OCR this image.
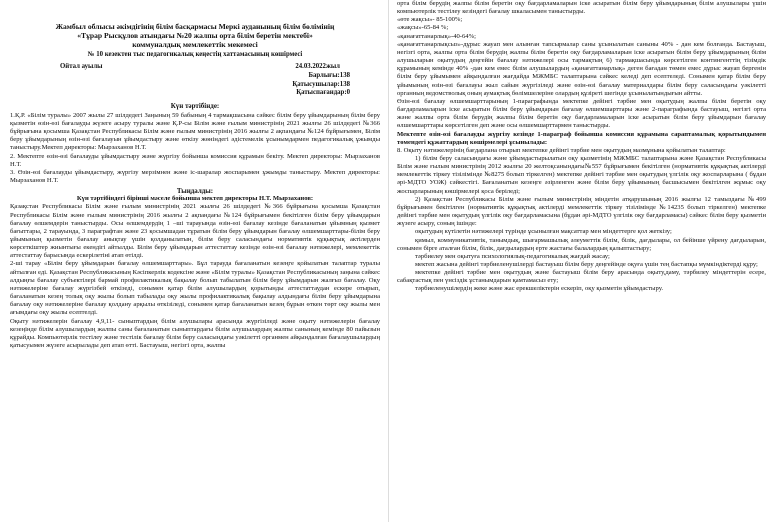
Жамбыл облысы әкімдігінің білім басқармасы Меркі ауданының білім бөлімінің

«Тұрар Рысқұлов атындағы №20 жалпы орта білім беретін мектебі»

коммуналдық мемлекеттік мекемесі

№ 10 кезектен тыс педагогикалық кеңестің хаттамасының көшірмесі

Ойтал ауылы	24.03.2022жыл
Барлығы:138
Қатысушылар:138
Қатыспағандар:0

Күн тәртібінде:

1.Қ.Р. «Білім туралы» 2007 жылы 27 шілдедегі Заңының 59 бабының 4 тармақшасына сәйкес білім беру ұйымдарының білім беру қызметін өзін-өзі бағалауды жүзеге асыру туралы және Қ.Р-сы Білім және ғылым министрінің 2021 жылғы 26 шілдедегі №366 бұйрығына қосымша Қазақстан Республикасы Білім және ғылым министрінің 2016 жылғы 2 ақпандағы №124 бұйрығымен, Білім беру ұйымдарының өзін-өзі бағалауын ұйымдастыру және өткізу жөніндегі әдістемелік ұсынымдармен педагогикалық ұжымды таныстыру.Мектеп директоры: Мырзаханов Н.Т.

2. Мектепте өзін-өзі бағалауды ұйымдастыру және жүргізу бойынша комиссия құрамын бекіту. Мектеп директоры: Мырзаханов Н.Т.

3. Өзін-өзі бағалауды ұйымдастыру, жүргізу мерзімнен және іс-шаралар жоспарымен ұжымды таныстыру. Мектеп директоры: Мырзаханов Н.Т.

Тыңдалды:

Күн тәртібіндегі бірінші мәселе бойынша мектеп директоры Н.Т. Мырзаханов:

Қазақстан Республикасы Білім және ғылым министрінің 2021 жылғы 26 шілдедегі №366 бұйрығына қосымша Қазақстан Республикасы Білім және ғылым министрінің 2016 жылғы 2 ақпандағы №124 бұйрығымен бекітілген білім беру ұйымдарын бағалау өлшемдерін таныстырды. Осы өлшемдердің 1 –ші тарауында өзін-өзі бағалау кезінде бағаланатын ұйымның қызмет бағыттары, 2 тарауында, 3 параграфтан және 23 қосымшадан тұратын білім беру ұйымдарын бағалау өлшемшарттары-білім беру ұйымының қызметін бағалау анықтау үшін қолданылатын, білім беру саласындағы нормативтік құқықтық актілерден көрсеткіштер жиынтығы екендігі айтылды. Білім беру ұйымдарын аттестаттау кезінде өзін-өзі бағалау нәтижелері, мемлекеттік аттестаттау барысында ескерілетіні атап өтілді.

2-ші тарау «Білім беру ұйымдарын бағалау өлшемшарттары». Бұл тарауда бағаланатын кезеңге қойылатын талаптар туралы айтылған еді. Қазақстан Республикасының Кәсіпкерлік кодексіне және «Білім туралы» Қазақстан Республикасының заңына сәйкес алдыңғы бағалау субъектілері бармай профилактикалық бақылау болып табылатын білім беру ұйымдарын жалғыз бағалау. Оқу нәтижелеріне бағалау жүргізбей өткізеді, сонымен қатар білім алушылардың қорытынды аттестаттаудан ескере отырып, бағаланатын кезең толық оқу жылы болып табылады оқу жылы профилактикалық бақылау алдындағы білім беру ұйымдарына бағалау оқу нәтижелеріне бағалау қолдану арқылы өткізіледі, сонымен қатар бағаланатын кезең бұрын өткен төрт оқу жылы мен ағымдағы оқу жылы есептелді.

Оқыту нәтижелерін бағалау 4,9,11- сыныптардың білім алушылары арасында жүргізіледі және оқыту нәтижелерін бағалау кезеңінде білім алушылардың жалпы саны бағаланатын сыныптардағы білім алушылардың жалпы санының кемінде 80 пайызын құрайды. Компьютерлік тестілеу және тестілік бағалау білім беру саласындағы уәкілетті органмен айқындалған бағалаушылардың қатысуымен жүзеге асырылады деп атап өтті. Бастауыш, негізгі орта, жалпы

орта білім берудің жалпы білім беретін оқу бағдарламаларын іске асыратын білім беру ұйымдарының білім алушылары үшін компьютерлік тестілеу кезіндегі бағалау шкаласымен таныстырды.

«өте жақсы»- 85-100%;

«жақсы»-65-84 %;

«қанағаттанарлық»-40-64%;

«қанағаттанарлықсыз»-дұрыс жауап мен алынған тапсырмалар саны ұсынылатын саныны 40% - дан кем болғанда. Бастауыш, негізгі орта, жалпы орта білім берудің жалпы білім беретін оқу бағдарламаларын іске асыратын білім беру ұйымдарының білім алушыларын оқытудың деңгейін бағалау нәтижелері осы тармақтың 6) тармақшасында көрсетілген контингенттің тізімдік құрамының кемінде 40% -дан кем емес білім алушылардың «қанағаттанарлық» деген бағадан төмен емес дұрыс жауап бергенін білім беру ұйымымен айқындалған жағдайда МЖМБС талаптарына сәйкес келеді деп есептеледі. Сонымен қатар білім беру ұйымының өзін-өзі бағалауы жыл сайын жүргізіледі және өзін-өзі бағалау материалдары білім беру саласындағы уәкілетті органның ведомстволық оның аумақтық бөлімшелеріне олардың құзіреті шегінде ұсынылатындығын айтты.

Өзін-өзі бағалау өлшемшарттарының 1-параграфында мектепке дейінгі тәрбие мен оқытудың жалпы білім беретін оқу бағдарламаларын іске асыратын білім беру ұйымдарын бағалау өлшемшарттары және 2-параграфында бастауыш, негізгі орта және жалпы орта білім берудің жалпы білім беретін оқу бағдарламаларын іске асыратын білім беру ұйымдарын бағалау өлшемшарттары көрсетілген деп және осы өлшемшарттармен таныстырды.

Мектепте өзін-өзі бағалауды жүргізу кезінде 1-параграф бойынша комиссия құрамына сараптамалық қорытындымен төмендегі құжаттардың көшірмелері ұсынылады:

8. Оқыту нәтижелерінің бағдарлана отырып мектепке дейінгі тәрбие мен оқытудың мазмұнына қойылатын талаптар:

1) білім беру саласындағы және ұйымдастырылатын оқу қызметінің МЖМБС талаптарына және Қазақстан Республикасы Білім және ғылым министрінің 2012 жылғы 20 желтоқсанындағы№557 бұйрығымен бекітілген (нормативтік құқықтық актілерді мемлекеттік тіркеу тізілімінде №8275 болып тіркелген) мектепке дейінгі тәрбие мен оқытудың үлгілік оқу жоспарларына ( бұдан әрі-МДТО УОЖ) сәйкестігі. Бағаланатын кезеңге әзірленген және білім беру ұйымының басшысымен бекітілген жұмыс оқу жоспарларының көшірмелері қоса беріледі;

2) Қазақстан Республикасы Білім және ғылым министрінің міндетін атқарушының 2016 жылғы 12 тамыздағы №499 бұйрығымен бекітілген (нормативтік құқықтық актілерді мемлекеттік тіркеу тізілімінде №14235 болып тіркелген) мектепке дейінгі тәрбие мен оқытудың үлгілік оқу бағдарламасына (бұдан әрі-МДТО үлгілік оқу бағдарламасы) сәйкес білім беру қызметін жүзеге асыру, соның ішінде:

оқытудың күтілетін нәтижелері түрінде ұсынылған мақсаттар мен міндеттерге қол жеткізу;

қимыл, коммуникативтік, танымдық, шығармашылық әлеуметтік білім, білік, дағдылары, ол бейінше үйрену дағдыларын, сонымен бірге аталған білім, білік, дағдылардың ерте жастағы балалардың қалыптастыру;

тәрбиелеу мен оқытуға психологиялық-педагогикалық жағдай жасау;

мектеп жасына дейінгі тәрбиеленушілерді бастауыш білім беру деңгейінде оқуға үшін тең бастапқы мүмкіндіктерді құру;

мектепке дейінгі тәрбие мен оқытудың және бастауыш білім беру арасында оқыту,даму, тәрбилеу міндеттерін есере, сабақтастық пен үнсіздік ұстанымдарын қамтамасыз ету;

тәрбиеленушілердің жеке және жас ерекшеліктерін ескеріп, оқу қызметін ұйымдастыру.
